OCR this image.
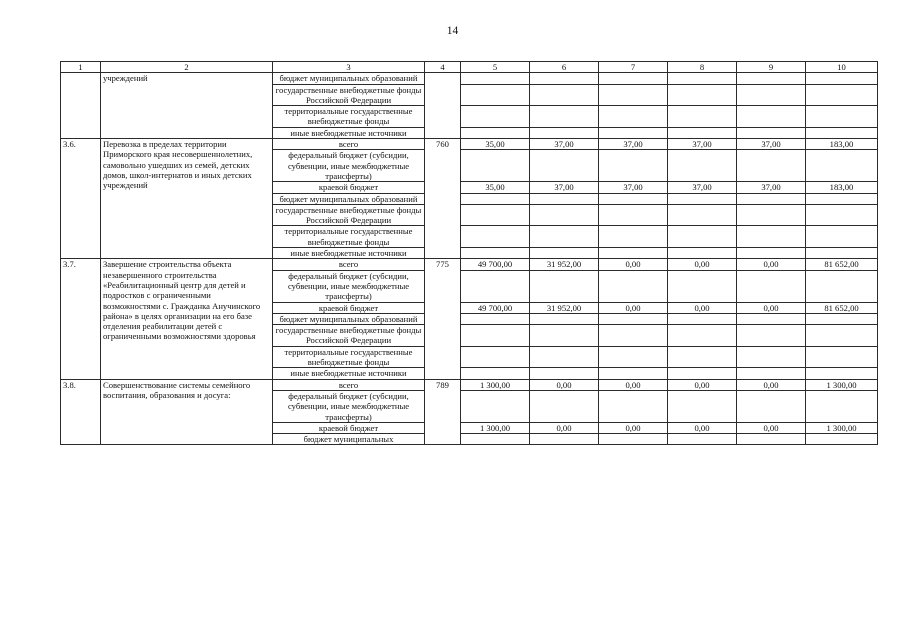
14
1	2	3	4	5	6	7	8	9	10
	учреждений	бюджет муниципальных образований							
		государственные внебюджетные фонды Российской Федерации							
		территориальные государственные внебюджетные фонды							
		иные внебюджетные источники							
3.6.	Перевозка в пределах территории Приморского края несовершеннолетних, самовольно ушедших из семей, детских домов, школ-интернатов и иных детских учреждений	всего	760	35,00	37,00	37,00	37,00	37,00	183,00
		федеральный бюджет (субсидии, субвенции, иные межбюджетные трансферты)							
		краевой бюджет		35,00	37,00	37,00	37,00	37,00	183,00
		бюджет муниципальных образований							
		государственные внебюджетные фонды Российской Федерации							
		территориальные государственные внебюджетные фонды							
		иные внебюджетные источники							
3.7.	Завершение строительства объекта незавершенного строительства «Реабилитационный центр для детей и подростков с ограниченными возможностями с. Гражданка Анучинского района» в целях организации на его базе отделения реабилитации детей с ограниченными возможностями здоровья	всего	775	49 700,00	31 952,00	0,00	0,00	0,00	81 652,00
		федеральный бюджет (субсидии, субвенции, иные межбюджетные трансферты)							
		краевой бюджет		49 700,00	31 952,00	0,00	0,00	0,00	81 652,00
		бюджет муниципальных образований							
		государственные внебюджетные фонды Российской Федерации							
		территориальные государственные внебюджетные фонды							
		иные внебюджетные источники							
3.8.	Совершенствование системы семейного воспитания, образования и досуга:	всего	789	1 300,00	0,00	0,00	0,00	0,00	1 300,00
		федеральный бюджет (субсидии, субвенции, иные межбюджетные трансферты)							
		краевой бюджет		1 300,00	0,00	0,00	0,00	0,00	1 300,00
		бюджет муниципальных							
